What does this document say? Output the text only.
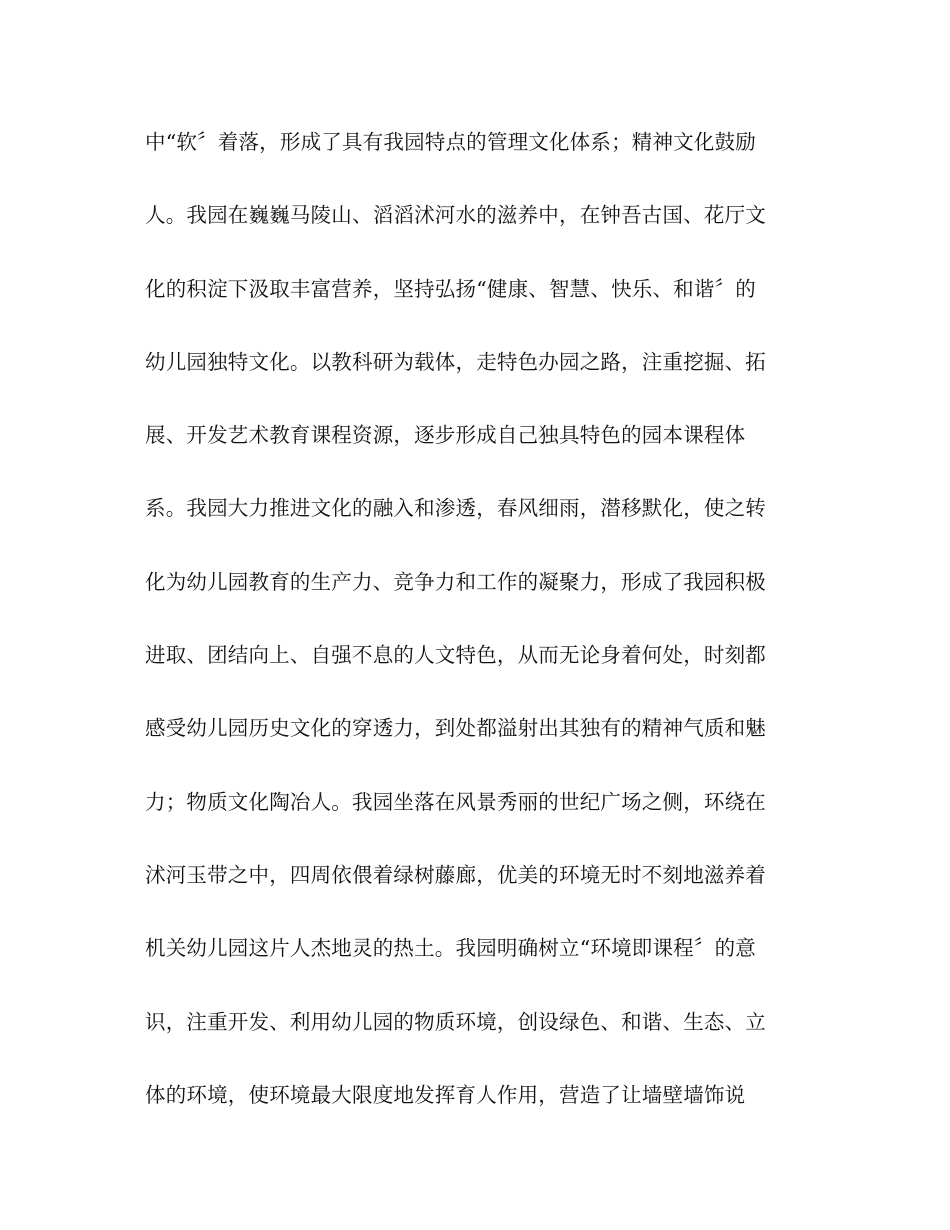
中“软〞着落，形成了具有我园特点的管理文化体系；精神文化鼓励
人。我园在巍巍马陵山、滔滔沭河水的滋养中，在钟吾古国、花厅文
化的积淀下汲取丰富营养，坚持弘扬“健康、智慧、快乐、和谐〞的
幼儿园独特文化。以教科研为载体，走特色办园之路，注重挖掘、拓
展、开发艺术教育课程资源，逐步形成自己独具特色的园本课程体
系。我园大力推进文化的融入和渗透，春风细雨，潜移默化，使之转
化为幼儿园教育的生产力、竞争力和工作的凝聚力，形成了我园积极
进取、团结向上、自强不息的人文特色，从而无论身着何处，时刻都
感受幼儿园历史文化的穿透力，到处都溢射出其独有的精神气质和魅
力；物质文化陶冶人。我园坐落在风景秀丽的世纪广场之侧，环绕在
沭河玉带之中，四周依偎着绿树藤廊，优美的环境无时不刻地滋养着
机关幼儿园这片人杰地灵的热土。我园明确树立“环境即课程〞的意
识，注重开发、利用幼儿园的物质环境，创设绿色、和谐、生态、立
体的环境，使环境最大限度地发挥育人作用，营造了让墙壁墙饰说
